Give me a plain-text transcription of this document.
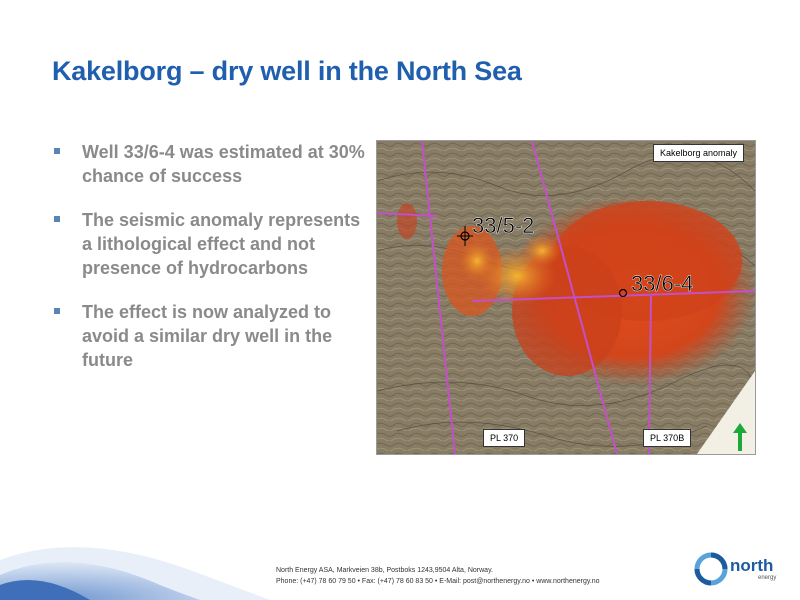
Kakelborg – dry well in the North Sea
Well 33/6-4 was estimated at 30% chance of success
The seismic anomaly represents a lithological effect and not presence of hydrocarbons
The effect is now analyzed to avoid a similar dry well in the future
33/5-2
33/6-4
Kakelborg anomaly
PL 370	PL 370B
North Energy ASA, Markveien 38b, Postboks 1243,9504 Alta, Norway.
Phone: (+47) 78 60 79 50 • Fax: (+47) 78 60 83 50 • E-Mail: post@northenergy.no • www.northenergy.no
north
energy
